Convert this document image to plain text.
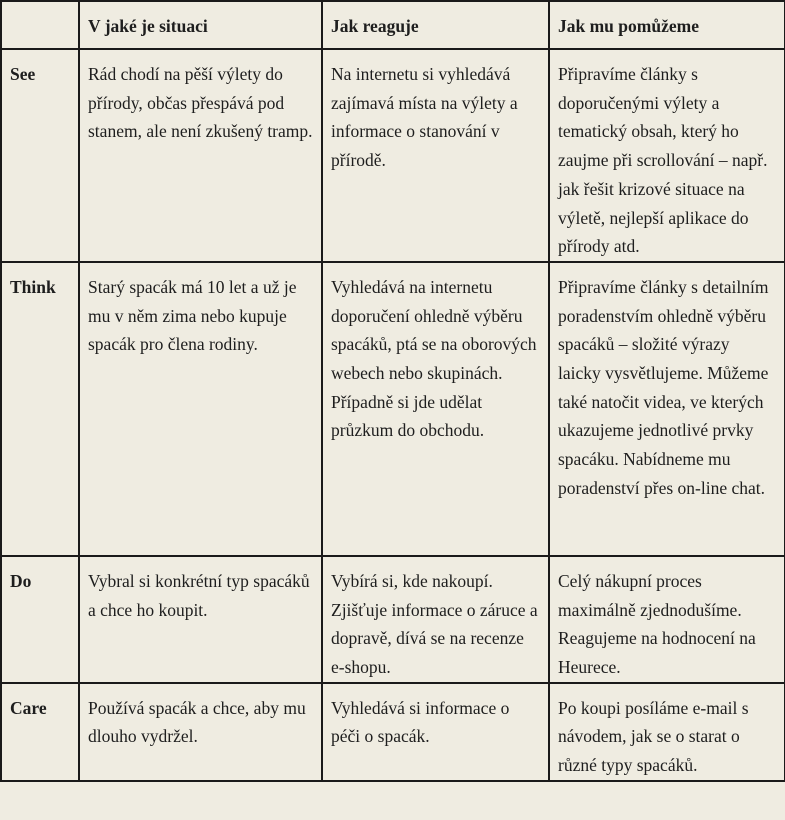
	V jaké je situaci	Jak reaguje	Jak mu pomůžeme
See	Rád chodí na pěší výlety do přírody, občas přespává pod stanem, ale není zkušený tramp.	Na internetu si vyhledává zajímavá místa na výlety a informace o stanování v přírodě.	Připravíme články s doporučenými výlety a tematický obsah, který ho zaujme při scrollování – např. jak řešit krizové situace na výletě, nejlepší aplikace do přírody atd.
Think	Starý spacák má 10 let a už je mu v něm zima nebo kupuje spacák pro člena rodiny.	Vyhledává na internetu doporučení ohledně výběru spacáků, ptá se na oborových webech nebo skupinách. Případně si jde udělat průzkum do obchodu.	Připravíme články s detailním poradenstvím ohledně výběru spacáků – složité výrazy laicky vysvětlujeme. Můžeme také natočit videa, ve kterých ukazujeme jednotlivé prvky spacáku. Nabídneme mu poradenství přes on-line chat.
Do	Vybral si konkrétní typ spacáků a chce ho koupit.	Vybírá si, kde nakoupí. Zjišťuje informace o záruce a dopravě, dívá se na recenze e-shopu.	Celý nákupní proces maximálně zjednodušíme. Reagujeme na hodnocení na Heurece.
Care	Používá spacák a chce, aby mu dlouho vydržel.	Vyhledává si informace o péči o spacák.	Po koupi posíláme e-mail s návodem, jak se o starat o různé typy spacáků.
